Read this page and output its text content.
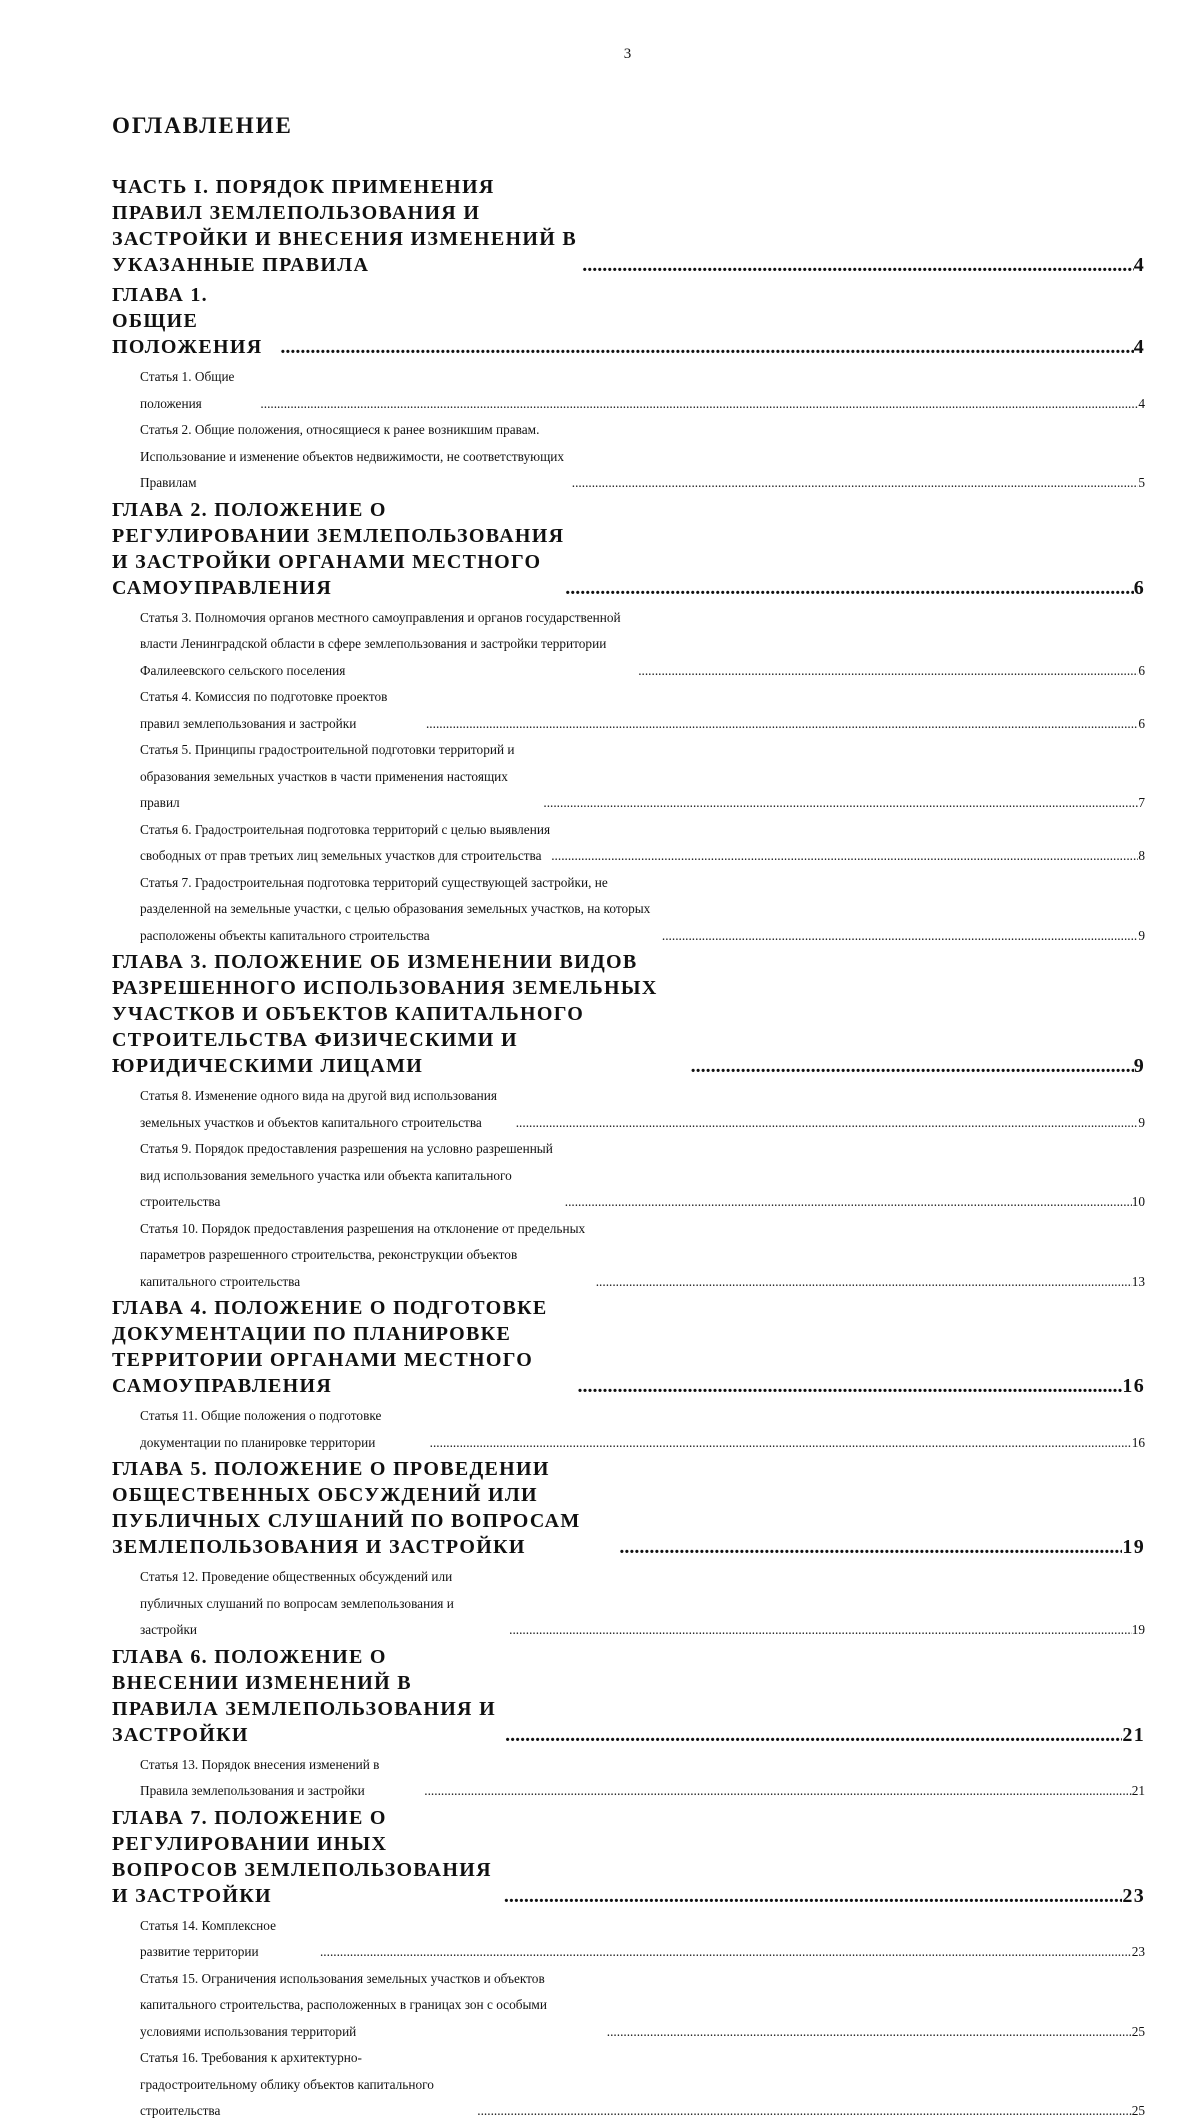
3
ОГЛАВЛЕНИЕ
ЧАСТЬ I. ПОРЯДОК ПРИМЕНЕНИЯ ПРАВИЛ ЗЕМЛЕПОЛЬЗОВАНИЯ И ЗАСТРОЙКИ И ВНЕСЕНИЯ ИЗМЕНЕНИЙ В УКАЗАННЫЕ ПРАВИЛА .....	4
ГЛАВА 1. ОБЩИЕ ПОЛОЖЕНИЯ .....	4
Статья 1. Общие положения .....	4
Статья 2. Общие положения, относящиеся к ранее возникшим правам. Использование и изменение объектов недвижимости, не соответствующих Правилам .....	5
ГЛАВА 2. ПОЛОЖЕНИЕ О РЕГУЛИРОВАНИИ ЗЕМЛЕПОЛЬЗОВАНИЯ И ЗАСТРОЙКИ ОРГАНАМИ МЕСТНОГО САМОУПРАВЛЕНИЯ .....	6
Статья 3. Полномочия органов местного самоуправления и органов государственной власти Ленинградской области в сфере землепользования и застройки территории Фалилеевского сельского поселения .....	6
Статья 4. Комиссия по подготовке проектов правил землепользования и застройки .....	6
Статья 5. Принципы градостроительной подготовки территорий и образования земельных участков в части применения настоящих правил .....	7
Статья 6. Градостроительная подготовка территорий с целью выявления свободных от прав третьих лиц земельных участков для строительства .....	8
Статья 7. Градостроительная подготовка территорий существующей застройки, не разделенной на земельные участки, с целью образования земельных участков, на которых расположены объекты капитального строительства .....	9
ГЛАВА 3. ПОЛОЖЕНИЕ ОБ ИЗМЕНЕНИИ ВИДОВ РАЗРЕШЕННОГО ИСПОЛЬЗОВАНИЯ ЗЕМЕЛЬНЫХ УЧАСТКОВ И ОБЪЕКТОВ КАПИТАЛЬНОГО СТРОИТЕЛЬСТВА ФИЗИЧЕСКИМИ И ЮРИДИЧЕСКИМИ ЛИЦАМИ .....	9
Статья 8. Изменение одного вида на другой вид использования земельных участков и объектов капитального строительства .....	9
Статья 9. Порядок предоставления разрешения на условно разрешенный вид использования земельного участка или объекта капитального строительства .....	10
Статья 10. Порядок предоставления разрешения на отклонение от предельных параметров разрешенного строительства, реконструкции объектов капитального строительства .....	13
ГЛАВА 4. ПОЛОЖЕНИЕ О ПОДГОТОВКЕ ДОКУМЕНТАЦИИ ПО ПЛАНИРОВКЕ ТЕРРИТОРИИ ОРГАНАМИ МЕСТНОГО САМОУПРАВЛЕНИЯ .....	16
Статья 11. Общие положения о подготовке документации по планировке территории .....	16
ГЛАВА 5. ПОЛОЖЕНИЕ О ПРОВЕДЕНИИ ОБЩЕСТВЕННЫХ ОБСУЖДЕНИЙ ИЛИ ПУБЛИЧНЫХ СЛУШАНИЙ ПО ВОПРОСАМ ЗЕМЛЕПОЛЬЗОВАНИЯ И ЗАСТРОЙКИ .....	19
Статья 12. Проведение общественных обсуждений или публичных слушаний по вопросам землепользования и застройки .....	19
ГЛАВА 6. ПОЛОЖЕНИЕ О ВНЕСЕНИИ ИЗМЕНЕНИЙ В ПРАВИЛА ЗЕМЛЕПОЛЬЗОВАНИЯ И ЗАСТРОЙКИ .....	21
Статья 13. Порядок внесения изменений в Правила землепользования и застройки .....	21
ГЛАВА 7. ПОЛОЖЕНИЕ О РЕГУЛИРОВАНИИ ИНЫХ ВОПРОСОВ ЗЕМЛЕПОЛЬЗОВАНИЯ И ЗАСТРОЙКИ .....	23
Статья 14. Комплексное развитие территории .....	23
Статья 15. Ограничения использования земельных участков и объектов капитального строительства, расположенных в границах зон с особыми условиями использования территорий .....	25
Статья 16. Требования к архитектурно-градостроительному облику объектов капитального строительства .....	25
